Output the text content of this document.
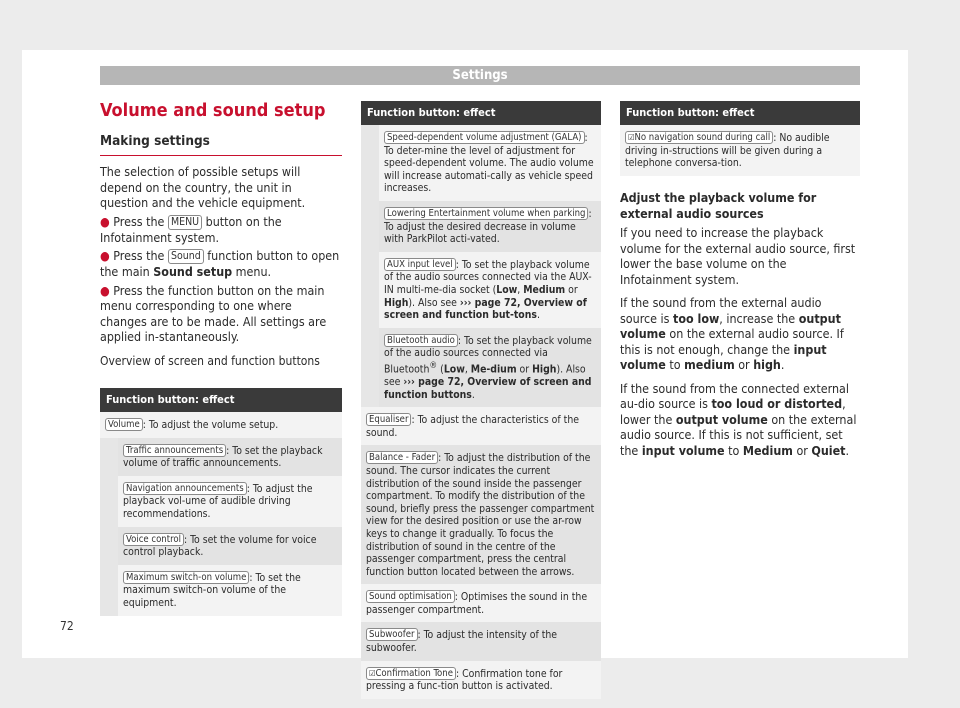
Settings
Volume and sound setup
Making settings
The selection of possible setups will depend on the country, the unit in question and the vehicle equipment.
● Press the MENU button on the Infotainment system.
● Press the Sound function button to open the main Sound setup menu.
● Press the function button on the main menu corresponding to one where changes are to be made. All settings are applied in-stantaneously.
Overview of screen and function buttons
Function button: effect	
Volume : To adjust the volume setup.	
	Traffic announcements : To set the playback volume of traffic announcements.
	Navigation announcements : To adjust the playback vol-ume of audible driving recommendations.
	Voice control : To set the volume for voice control playback.
	Maximum switch-on volume : To set the maximum switch-on volume of the equipment.
Function button: effect	
	Speed-dependent volume adjustment (GALA) : To deter-mine the level of adjustment for speed-dependent volume. The audio volume will increase automati-cally as vehicle speed increases.
	Lowering Entertainment volume when parking : To adjust the desired decrease in volume with ParkPilot acti-vated.
	AUX input level : To set the playback volume of the audio sources connected via the AUX-IN multi-me-dia socket (Low, Medium or High). Also see ››› page 72, Overview of screen and function but-tons.
	Bluetooth audio : To set the playback volume of the audio sources connected via Bluetooth® (Low, Me-dium or High). Also see ››› page 72, Overview of screen and function buttons.
Equaliser : To adjust the characteristics of the sound.	
Balance - Fader : To adjust the distribution of the sound. The cursor indicates the current distribution of the sound inside the passenger compartment. To modify the distribution of the sound, briefly press the passenger compartment view for the desired position or use the ar-row keys to change it gradually. To focus the distribution of sound in the centre of the passenger compartment, press the central function button located between the arrows.	
Sound optimisation : Optimises the sound in the passenger compartment.	
Subwoofer : To adjust the intensity of the subwoofer.	
☑Confirmation Tone : Confirmation tone for pressing a func-tion button is activated.	
Function button: effect
☑No navigation sound during call : No audible driving in-structions will be given during a telephone conversa-tion.
Adjust the playback volume for external audio sources

If you need to increase the playback volume for the external audio source, first lower the base volume on the Infotainment system.

If the sound from the external audio source is too low, increase the output volume on the external audio source. If this is not enough, change the input volume to medium or high.

If the sound from the connected external au-dio source is too loud or distorted, lower the output volume on the external audio source. If this is not sufficient, set the input volume to Medium or Quiet.

72
